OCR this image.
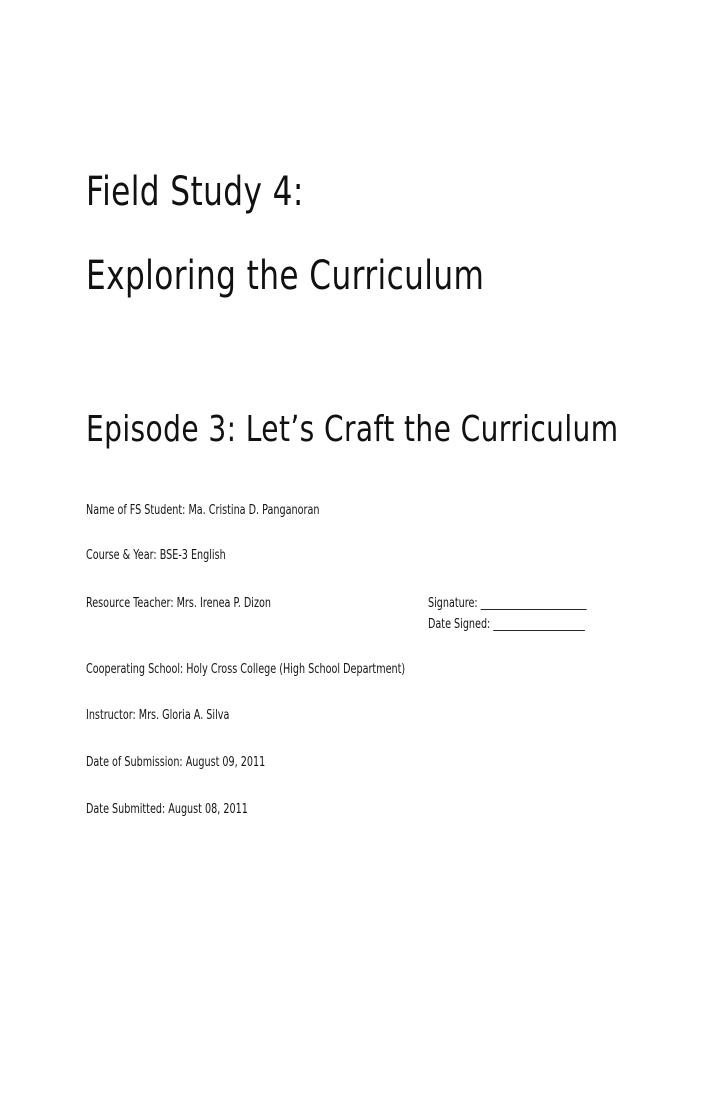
Field Study 4:
Exploring the Curriculum
Episode 3: Let’s Craft the Curriculum

Name of FS Student: Ma. Cristina D. Panganoran

Course & Year: BSE-3 English

Resource Teacher: Mrs. Irenea P. Dizon	Signature: ______________________

Date Signed: ___________________

Cooperating School: Holy Cross College (High School Department)

Instructor: Mrs. Gloria A. Silva

Date of Submission: August 09, 2011

Date Submitted: August 08, 2011
